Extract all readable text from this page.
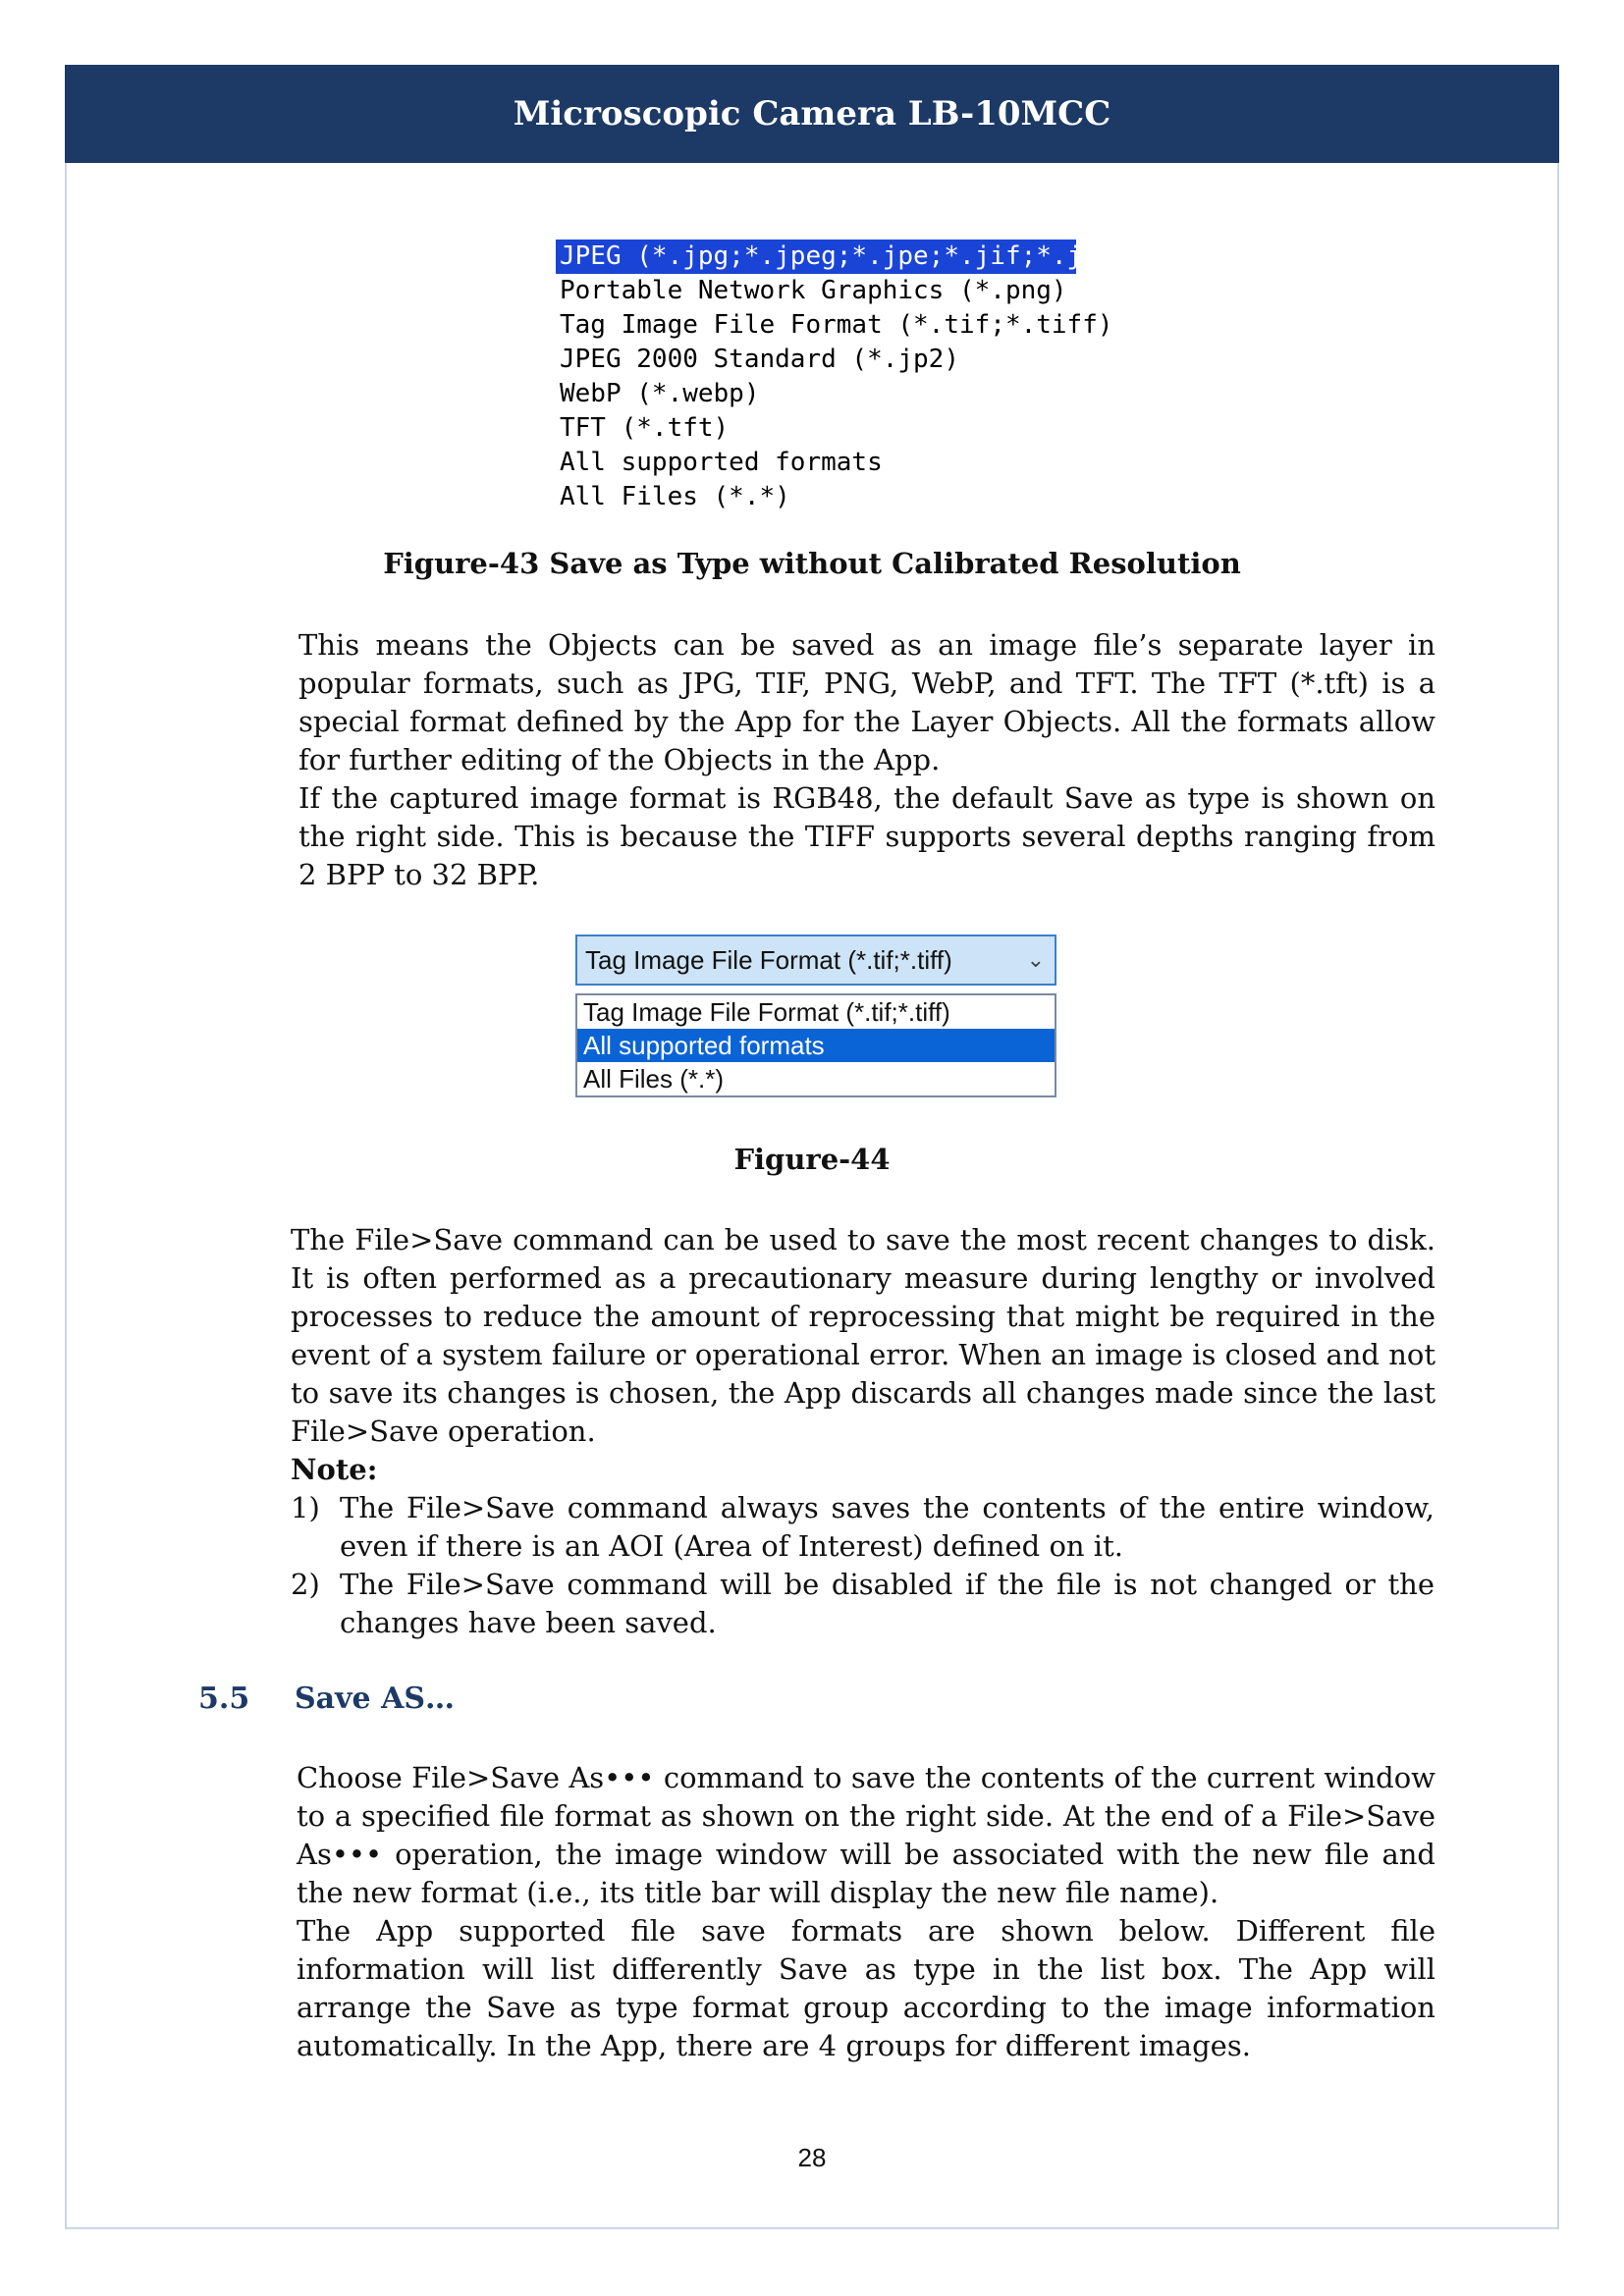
Microscopic Camera LB-10MCC
JPEG (*.jpg;*.jpeg;*.jpe;*.jif;*.jfif)
Portable Network Graphics (*.png)
Tag Image File Format (*.tif;*.tiff)
JPEG 2000 Standard (*.jp2)
WebP (*.webp)
TFT (*.tft)
All supported formats
All Files (*.*)
Figure-43 Save as Type without Calibrated Resolution

This means the Objects can be saved as an image file’s separate layer in popular formats, such as JPG, TIF, PNG, WebP, and TFT. The TFT (*.tft) is a special format defined by the App for the Layer Objects. All the formats allow for further editing of the Objects in the App.

If the captured image format is RGB48, the default Save as type is shown on the right side. This is because the TIFF supports several depths ranging from 2 BPP to 32 BPP.

Tag Image File Format (*.tif;*.tiff)	⌄
Tag Image File Format (*.tif;*.tiff)
All supported formats
All Files (*.*)
Figure-44

The File>Save command can be used to save the most recent changes to disk. It is often performed as a precautionary measure during lengthy or involved processes to reduce the amount of reprocessing that might be required in the event of a system failure or operational error. When an image is closed and not to save its changes is chosen, the App discards all changes made since the last File>Save operation.

Note:
1) The File>Save command always saves the contents of the entire window, even if there is an AOI (Area of Interest) defined on it.
2) The File>Save command will be disabled if the file is not changed or the changes have been saved.
5.5 Save AS…

Choose File>Save As••• command to save the contents of the current window to a specified file format as shown on the right side. At the end of a File>Save As••• operation, the image window will be associated with the new file and the new format (i.e., its title bar will display the new file name).

The App supported file save formats are shown below. Different file information will list differently Save as type in the list box. The App will arrange the Save as type format group according to the image information automatically. In the App, there are 4 groups for different images.

28
